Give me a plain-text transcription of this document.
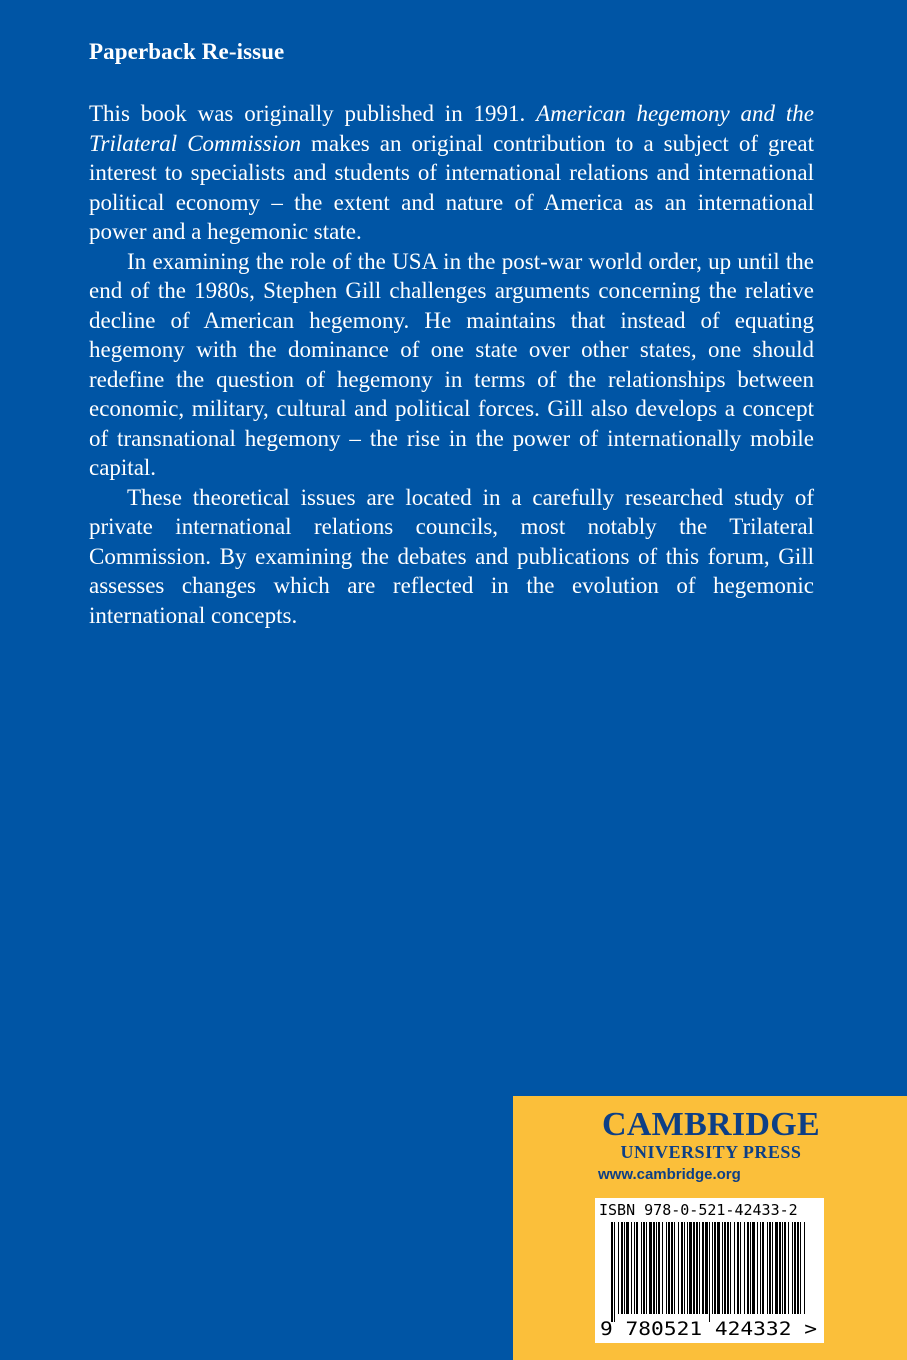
Paperback Re-issue

This book was originally published in 1991. American hegemony and the Trilateral Commission makes an original contribution to a subject of great interest to specialists and students of international relations and international political economy – the extent and nature of America as an international power and a hegemonic state.

In examining the role of the USA in the post-war world order, up until the end of the 1980s, Stephen Gill challenges arguments concerning the relative decline of American hegemony. He maintains that instead of equating hegemony with the dominance of one state over other states, one should redefine the question of hegemony in terms of the relationships between economic, military, cultural and political forces. Gill also develops a concept of transnational hegemony – the rise in the power of internationally mobile capital.

These theoretical issues are located in a carefully researched study of private international relations councils, most notably the Trilateral Commission. By examining the debates and publications of this forum, Gill assesses changes which are reflected in the evolution of hegemonic international concepts.

CAMBRIDGE
UNIVERSITY PRESS
www.cambridge.org
ISBN 978-0-521-42433-2
9 780521 424332 >
